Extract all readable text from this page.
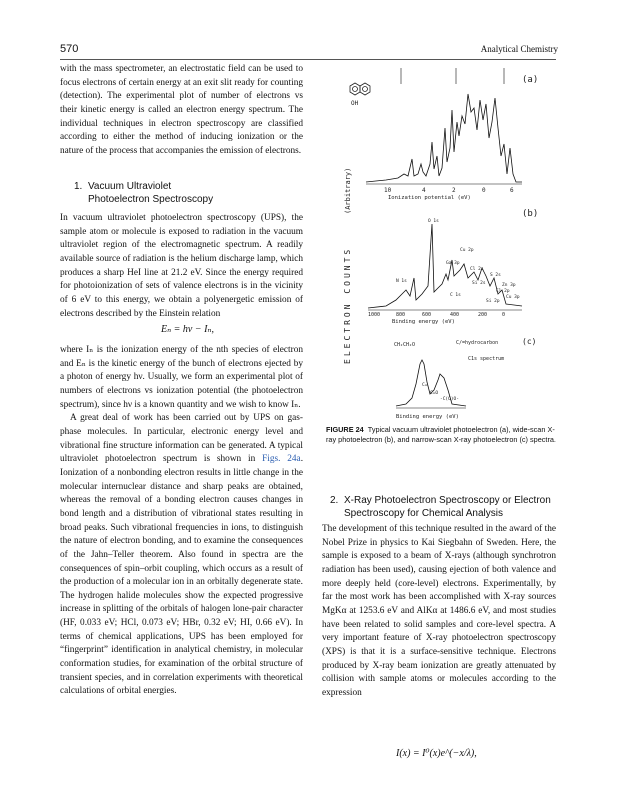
570	Analytical Chemistry

with the mass spectrometer, an electrostatic field can be used to focus electrons of certain energy at an exit slit ready for counting (detection). The experimental plot of number of electrons vs their kinetic energy is called an electron energy spectrum. The individual techniques in electron spectroscopy are classified according to either the method of inducing ionization or the nature of the process that accompanies the emission of electrons.

1. Vacuum Ultraviolet
Photoelectron Spectroscopy

In vacuum ultraviolet photoelectron spectroscopy (UPS), the sample atom or molecule is exposed to radiation in the vacuum ultraviolet region of the electromagnetic spectrum. A readily available source of radiation is the helium discharge lamp, which produces a sharp HeI line at 21.2 eV. Since the energy required for photoionization of sets of valence electrons is in the vicinity of 6 eV to this energy, we obtain a polyenergetic emission of electrons described by the Einstein relation

Eₙ = hν − Iₙ,

where Iₙ is the ionization energy of the nth species of electron and Eₙ is the kinetic energy of the bunch of electrons ejected by a photon of energy hν. Usually, we form an experimental plot of numbers of electrons vs ionization potential (the photoelectron spectrum), since hν is a known quantity and we wish to know Iₙ.

A great deal of work has been carried out by UPS on gas-phase molecules. In particular, electronic energy level and vibrational fine structure information can be generated. A typical ultraviolet photoelectron spectrum is shown in Figs. 24a. Ionization of a nonbonding electron results in little change in the molecular internuclear distance and sharp peaks are obtained, whereas the removal of a bonding electron causes changes in bond length and a distribution of vibrational states resulting in broad peaks. Such vibrational frequencies in ions, to distinguish the nature of electron bonding, and to examine the consequences of the Jahn–Teller theorem. Also found in spectra are the consequences of spin–orbit coupling, which occurs as a result of the production of a molecular ion in an orbitally degenerate state. The hydrogen halide molecules show the expected progressive increase in splitting of the orbitals of halogen lone-pair character (HF, 0.033 eV; HCl, 0.073 eV; HBr, 0.32 eV; HI, 0.66 eV). In terms of chemical applications, UPS has been employed for “fingerprint” identification in analytical chemistry, in molecular conformation studies, for examination of the orbital structure of transient species, and in correlation experiments with theoretical calculations of orbital energies.

(Arbitrary)
ELECTRON COUNTS
(a)
OH
10	4	2	0	6
Ionization potential (eV)
(b)
O 1s
Cu 2p
Ga 3p
N 1s
Cl 2s
S 2s
Si 2s	Zn 3p
Cl 2p
Cu 3p
Si 2p
C 1s
1000	800	600	400	200	0
Binding energy (eV)
(c)
CH₂CH₂O	C/=hydrocarbon
C1s spectrum
C=
C=O
-C(O)O-
Binding energy (eV)
FIGURE 24 Typical vacuum ultraviolet photoelectron (a), wide-scan X-ray photoelectron (b), and narrow-scan X-ray photoelectron (c) spectra.
2. X-Ray Photoelectron Spectroscopy or Electron
Spectroscopy for Chemical Analysis

The development of this technique resulted in the award of the Nobel Prize in physics to Kai Siegbahn of Sweden. Here, the sample is exposed to a beam of X-rays (although synchrotron radiation has been used), causing ejection of both valence and more deeply held (core-level) electrons. Experimentally, by far the most work has been accomplished with X-ray sources MgKα at 1253.6 eV and AlKα at 1486.6 eV, and most studies have been related to solid samples and core-level spectra. A very important feature of X-ray photoelectron spectroscopy (XPS) is that it is a surface-sensitive technique. Electrons produced by X-ray beam ionization are greatly attenuated by collision with sample atoms or molecules according to the expression

I(x) = I⁰(x)e^(−x/λ),
